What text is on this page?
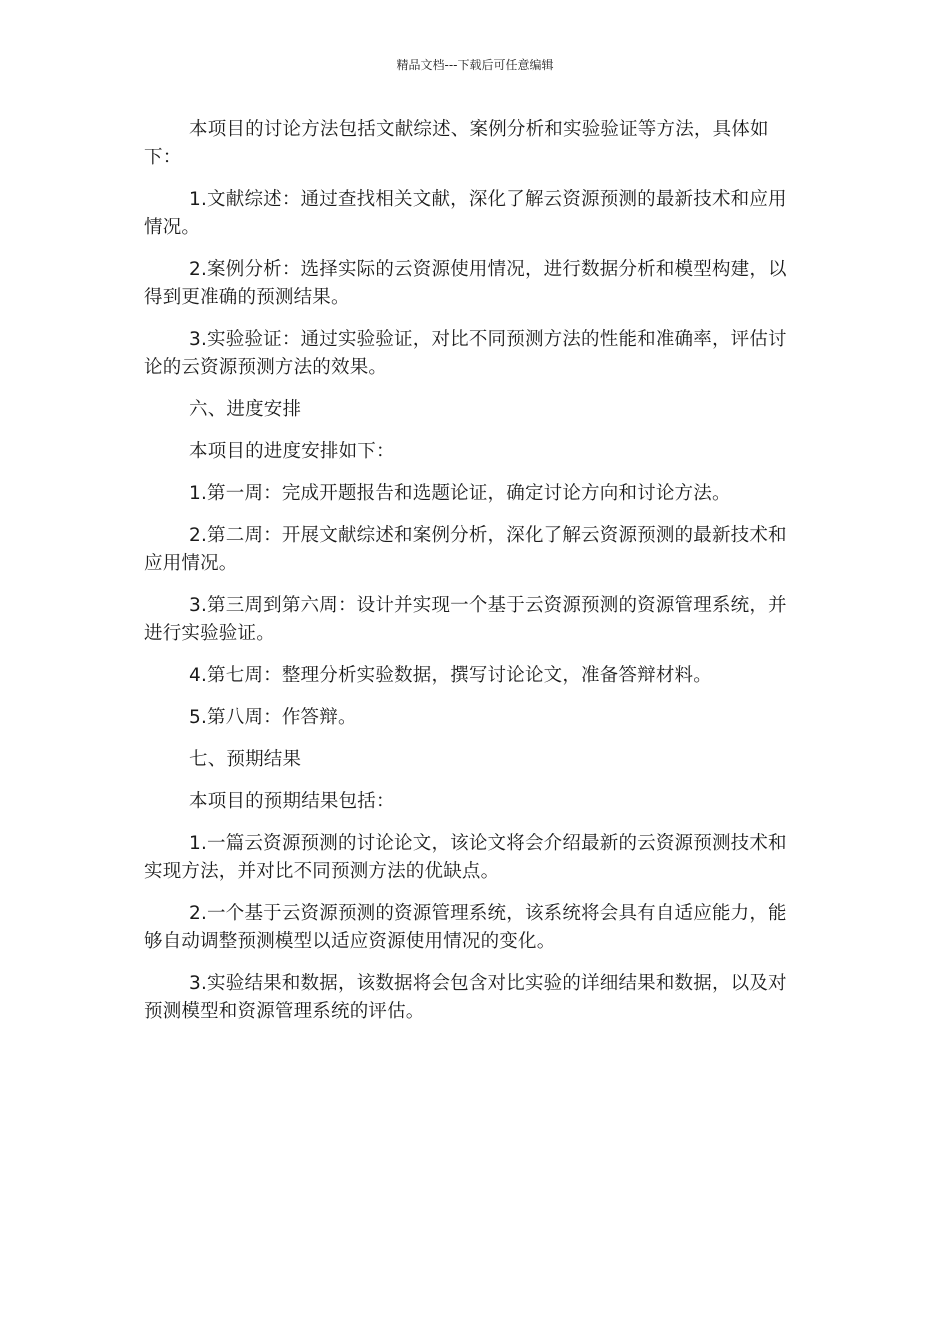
精品文档---下载后可任意编辑

本项目的讨论方法包括文献综述、案例分析和实验验证等方法，具体如下：

1.文献综述：通过查找相关文献，深化了解云资源预测的最新技术和应用情况。

2.案例分析：选择实际的云资源使用情况，进行数据分析和模型构建，以得到更准确的预测结果。

3.实验验证：通过实验验证，对比不同预测方法的性能和准确率，评估讨论的云资源预测方法的效果。

六、进度安排

本项目的进度安排如下：

1.第一周：完成开题报告和选题论证，确定讨论方向和讨论方法。

2.第二周：开展文献综述和案例分析，深化了解云资源预测的最新技术和应用情况。

3.第三周到第六周：设计并实现一个基于云资源预测的资源管理系统，并进行实验验证。

4.第七周：整理分析实验数据，撰写讨论论文，准备答辩材料。

5.第八周：作答辩。

七、预期结果

本项目的预期结果包括：

1.一篇云资源预测的讨论论文，该论文将会介绍最新的云资源预测技术和实现方法，并对比不同预测方法的优缺点。

2.一个基于云资源预测的资源管理系统，该系统将会具有自适应能力，能够自动调整预测模型以适应资源使用情况的变化。

3.实验结果和数据，该数据将会包含对比实验的详细结果和数据，以及对预测模型和资源管理系统的评估。
